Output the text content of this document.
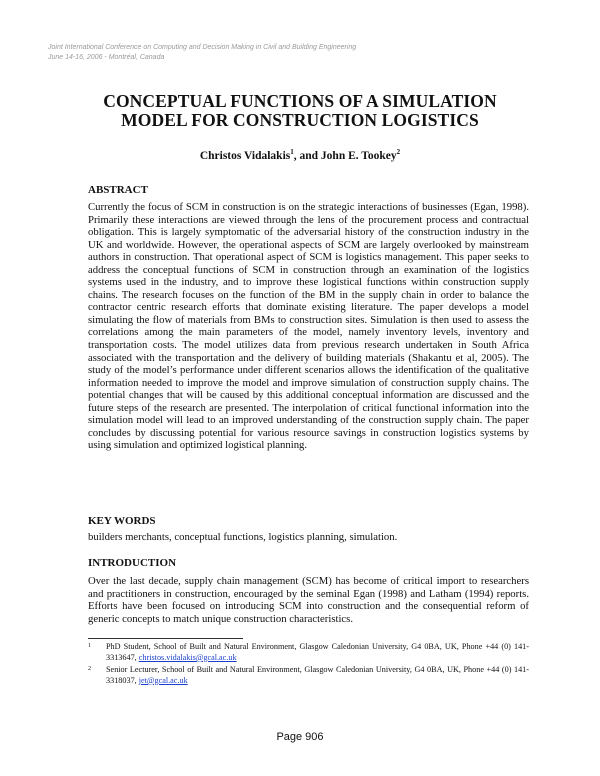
Joint International Conference on Computing and Decision Making in Civil and Building Engineering
June 14-16, 2006 - Montréal, Canada
CONCEPTUAL FUNCTIONS OF A SIMULATION
MODEL FOR CONSTRUCTION LOGISTICS
Christos Vidalakis$^1$, and John E. Tookey$^2$
ABSTRACT
Currently the focus of SCM in construction is on the strategic interactions of businesses (Egan, 1998). Primarily these interactions are viewed through the lens of the procurement process and contractual obligation. This is largely symptomatic of the adversarial history of the construction industry in the UK and worldwide. However, the operational aspects of SCM are largely overlooked by mainstream authors in construction. That operational aspect of SCM is logistics management. This paper seeks to address the conceptual functions of SCM in construction through an examination of the logistics systems used in the industry, and to improve these logistical functions within construction supply chains. The research focuses on the function of the BM in the supply chain in order to balance the contractor centric research efforts that dominate existing literature. The paper develops a model simulating the flow of materials from BMs to construction sites. Simulation is then used to assess the correlations among the main parameters of the model, namely inventory levels, inventory and transportation costs. The model utilizes data from previous research undertaken in South Africa associated with the transportation and the delivery of building materials (Shakantu et al, 2005). The study of the model’s performance under different scenarios allows the identification of the qualitative information needed to improve the model and improve simulation of construction supply chains. The potential changes that will be caused by this additional conceptual information are discussed and the future steps of the research are presented. The interpolation of critical functional information into the simulation model will lead to an improved understanding of the construction supply chain. The paper concludes by discussing potential for various resource savings in construction logistics systems by using simulation and optimized logistical planning.
KEY WORDS
builders merchants, conceptual functions, logistics planning, simulation.
INTRODUCTION
Over the last decade, supply chain management (SCM) has become of critical import to researchers and practitioners in construction, encouraged by the seminal Egan (1998) and Latham (1994) reports. Efforts have been focused on introducing SCM into construction and the consequential reform of generic concepts to match unique construction characteristics.
1	PhD Student, School of Built and Natural Environment, Glasgow Caledonian University, G4 0BA, UK, Phone +44 (0) 141-3313647, christos.vidalakis@gcal.ac.uk
2	Senior Lecturer, School of Built and Natural Environment, Glasgow Caledonian University, G4 0BA, UK, Phone +44 (0) 141-3318037, jet@gcal.ac.uk
Page 906
